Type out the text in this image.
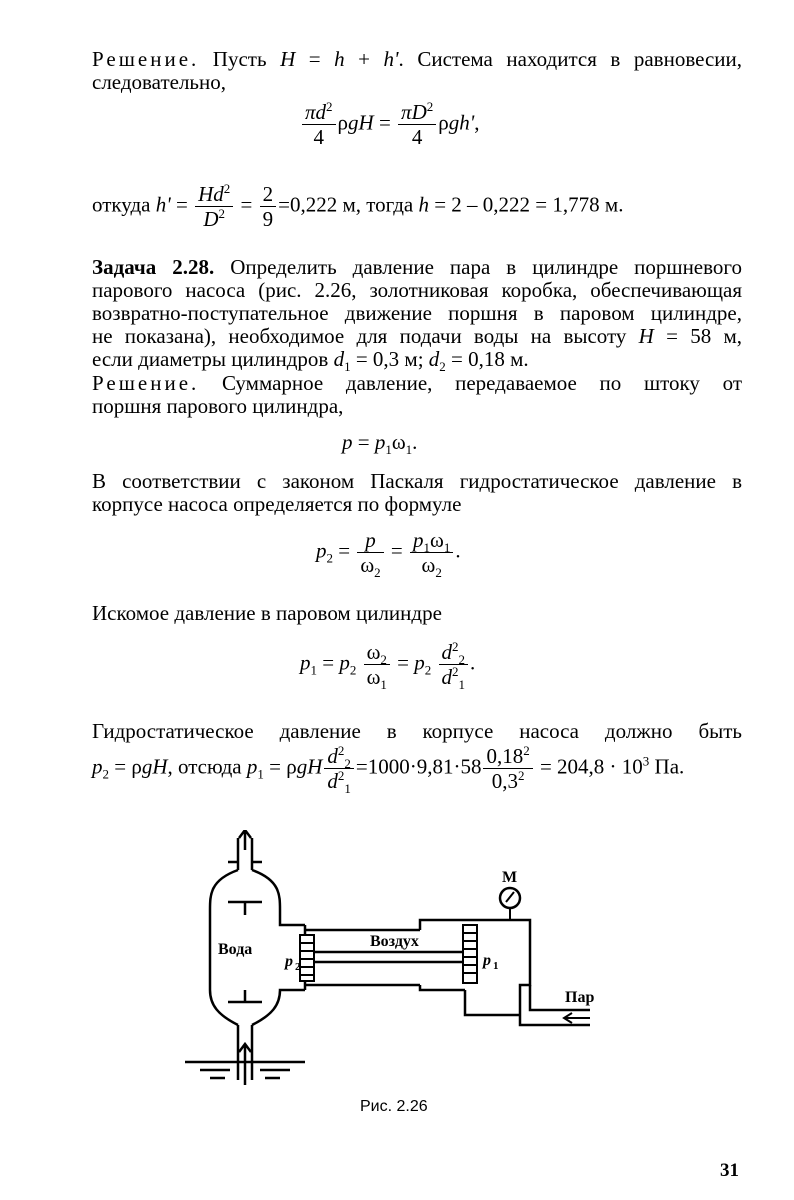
Решение. Пусть H = h + h'. Система находится в равновесии,
следовательно,
$\frac{\pi d^2}{4}$ $\rho gH = \frac{\pi D^2}{4} \rho gh'$,
откуда $h' = \frac{Hd^2}{D^2} = \frac{2}{9} =0,222$ м, тогда h = 2 – 0,222 = 1,778 м.
Задача 2.28. Определить давление пара в цилиндре поршневого
парового насоса (рис. 2.26, золотниковая коробка, обеспечивающая
возвратно-поступательное движение поршня в паровом цилиндре,
не показана), необходимое для подачи воды на высоту H = 58 м,
если диаметры цилиндров $d_1 = 0,3$ м; $d_2 = 0,18$ м.
Решение. Суммарное давление, передаваемое по штоку от
поршня парового цилиндра,
$p = p_1\omega_1$.
В соответствии с законом Паскаля гидростатическое давление в
корпусе насоса определяется по формуле
$p_2 = \frac{p}{\omega_2} = \frac{p_1\omega_1}{\omega_2}$ .
Искомое давление в паровом цилиндре
$p_1 = p_2 \frac{\omega_2}{\omega_1} = p_2 \frac{d^2_2}{d^2_1}$ .
Гидростатическое давление в корпусе насоса должно быть
$p_2 = \rho gH$, отсюда $p_1 = \rho gH \frac{d^2_2}{d^2_1} =1000\cdot 9,81\cdot 58 \frac{0,18^2}{0,3^2} = 204,8 \cdot 10^3$ Па.
Вода
p 2
Воздух
p 1
M
Пар
Рис. 2.26
31
